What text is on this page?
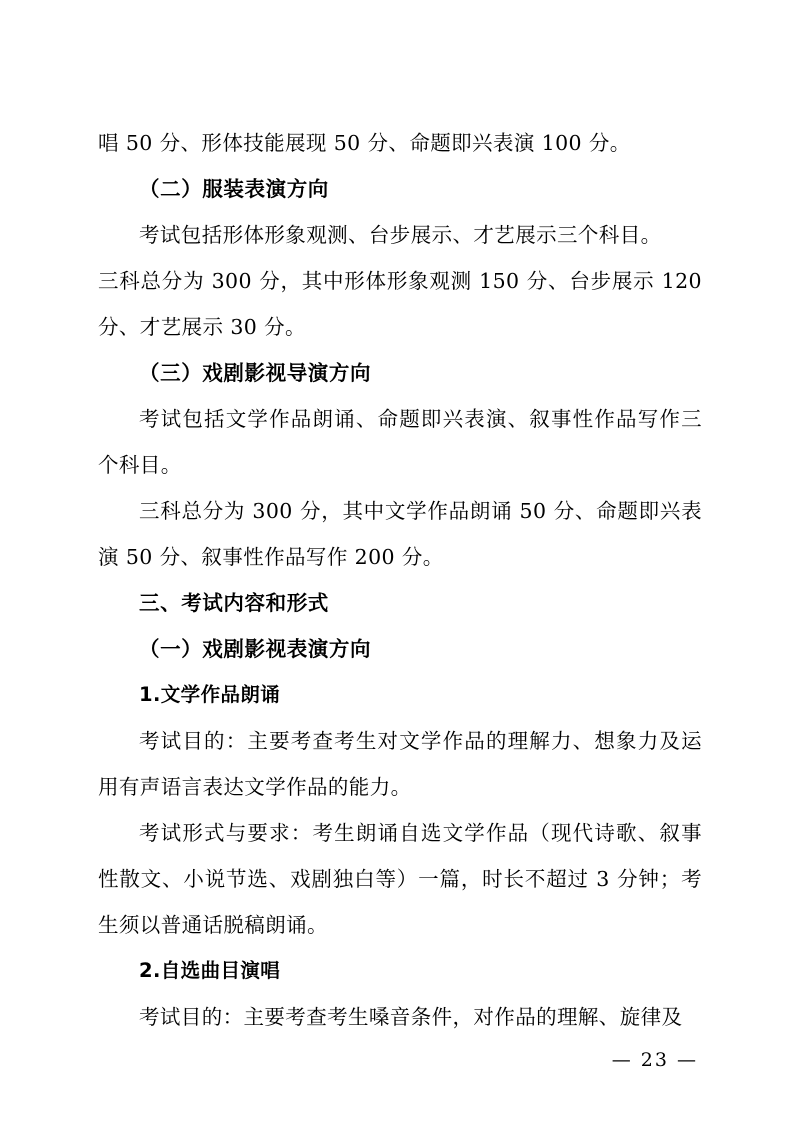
唱 50 分、形体技能展现 50 分、命题即兴表演 100 分。

（二）服装表演方向

考试包括形体形象观测、台步展示、才艺展示三个科目。

三科总分为 300 分，其中形体形象观测 150 分、台步展示 120 分、才艺展示 30 分。

（三）戏剧影视导演方向

考试包括文学作品朗诵、命题即兴表演、叙事性作品写作三个科目。

三科总分为 300 分，其中文学作品朗诵 50 分、命题即兴表演 50 分、叙事性作品写作 200 分。

三、考试内容和形式

（一）戏剧影视表演方向

1.文学作品朗诵

考试目的：主要考查考生对文学作品的理解力、想象力及运用有声语言表达文学作品的能力。

考试形式与要求：考生朗诵自选文学作品（现代诗歌、叙事性散文、小说节选、戏剧独白等）一篇，时长不超过 3 分钟；考生须以普通话脱稿朗诵。

2.自选曲目演唱

考试目的：主要考查考生嗓音条件，对作品的理解、旋律及

— 23 —
